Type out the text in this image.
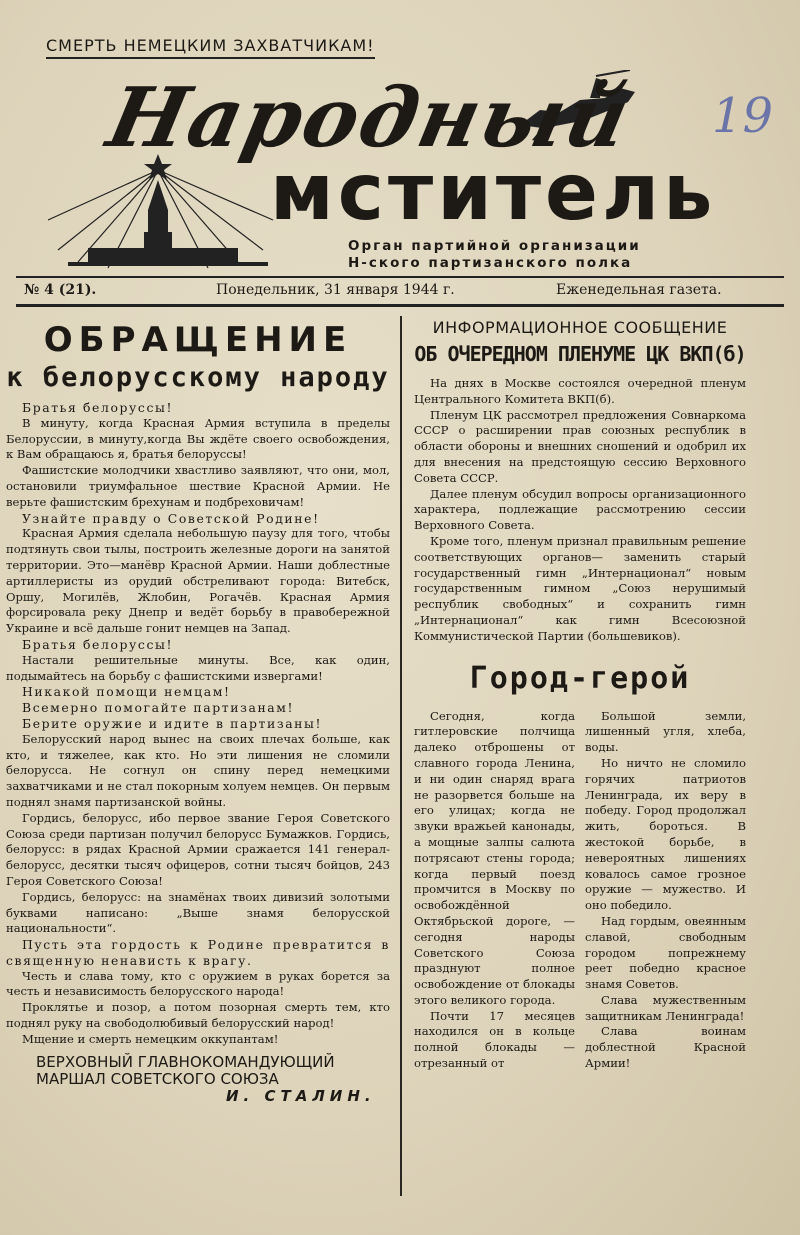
СМЕРТЬ НЕМЕЦКИМ ЗАХВАТЧИКАМ!
19
Народный
мститель
Орган партийной организации
Н-ского партизанского полка
№ 4 (21).	Понедельник, 31 января 1944 г.	Еженедельная газета.
ОБРАЩЕНИЕ
к белорусскому народу

Братья белоруссы!

В минуту, когда Красная Армия вступила в пределы Белоруссии, в минуту,когда Вы ждёте своего освобождения, к Вам обращаюсь я, братья белоруссы!

Фашистские молодчики хвастливо заявляют, что они, мол, остановили триумфальное шествие Красной Армии. Не верьте фашистским брехунам и подбреховичам!

Узнайте правду о Советской Родине!

Красная Армия сделала небольшую паузу для того, чтобы подтянуть свои тылы, построить железные дороги на занятой территории. Это—манёвр Красной Армии. Наши доблестные артиллеристы из орудий обстреливают города: Витебск, Оршу, Могилёв, Жлобин, Рогачёв. Красная Армия форсировала реку Днепр и ведёт борьбу в правобережной Украине и всё дальше гонит немцев на Запад.

Братья белоруссы!

Настали решительные минуты. Все, как один, подымайтесь на борьбу с фашистскими извергами!

Никакой помощи немцам!

Всемерно помогайте партизанам!

Берите оружие и идите в партизаны!

Белорусский народ вынес на своих плечах больше, как кто, и тяжелее, как кто. Но эти лишения не сломили белорусса. Не согнул он спину перед немецкими захватчиками и не стал покорным холуем немцев. Он первым поднял знамя партизанской войны.

Гордись, белорусс, ибо первое звание Героя Советского Союза среди партизан получил белорусс Бумажков. Гордись, белорусс: в рядах Красной Армии сражается 141 генерал-белорусс, десятки тысяч офицеров, сотни тысяч бойцов, 243 Героя Советского Союза!

Гордись, белорусс: на знамёнах твоих дивизий золотыми буквами написано: „Выше знамя белорусской национальности“.

Пусть эта гордость к Родине превратится в священную ненависть к врагу.

Честь и слава тому, кто с оружием в руках борется за честь и независимость белорусского народа!

Проклятье и позор, а потом позорная смерть тем, кто поднял руку на свободолюбивый белорусский народ!

Мщение и смерть немецким оккупантам!

ВЕРХОВНЫЙ ГЛАВНОКОМАНДУЮЩИЙ
МАРШАЛ СОВЕТСКОГО СОЮЗА
И. СТАЛИН.
ИНФОРМАЦИОННОЕ СООБЩЕНИЕ
ОБ ОЧЕРЕДНОМ ПЛЕНУМЕ ЦК ВКП(б)

На днях в Москве состоялся очередной пленум Центрального Комитета ВКП(б).

Пленум ЦК рассмотрел предложения Совнаркома СССР о расширении прав союзных республик в области обороны и внешних сношений и одобрил их для внесения на предстоящую сессию Верховного Совета СССР.

Далее пленум обсудил вопросы организационного характера, подлежащие рассмотрению сессии Верховного Совета.

Кроме того, пленум признал правильным решение соответствующих органов— заменить старый государственный гимн „Интернационал“ новым государственным гимном „Союз нерушимый республик свободных“ и сохранить гимн „Интернационал“ как гимн Всесоюзной Коммунистической Партии (большевиков).

Город-герой

Сегодня, когда гитлеровские полчища далеко отброшены от славного города Ленина, и ни один снаряд врага не разорвется больше на его улицах; когда не звуки вражьей канонады, а мощные залпы салюта потрясают стены города; когда первый поезд промчится в Москву по освобождённой Октябрьской дороге, — сегодня народы Советского Союза празднуют полное освобождение от блокады этого великого города.

Почти 17 месяцев находился он в кольце полной блокады — отрезанный от

Большой земли, лишенный угля, хлеба, воды.

Но ничто не сломило горячих патриотов Ленинграда, их веру в победу. Город продолжал жить, бороться. В жестокой борьбе, в невероятных лишениях ковалось самое грозное оружие — мужество. И оно победило.

Над гордым, овеянным славой, свободным городом попрежнему реет победно красное знамя Советов.

Слава мужественным защитникам Ленинграда!

Слава воинам доблестной Красной Армии!
